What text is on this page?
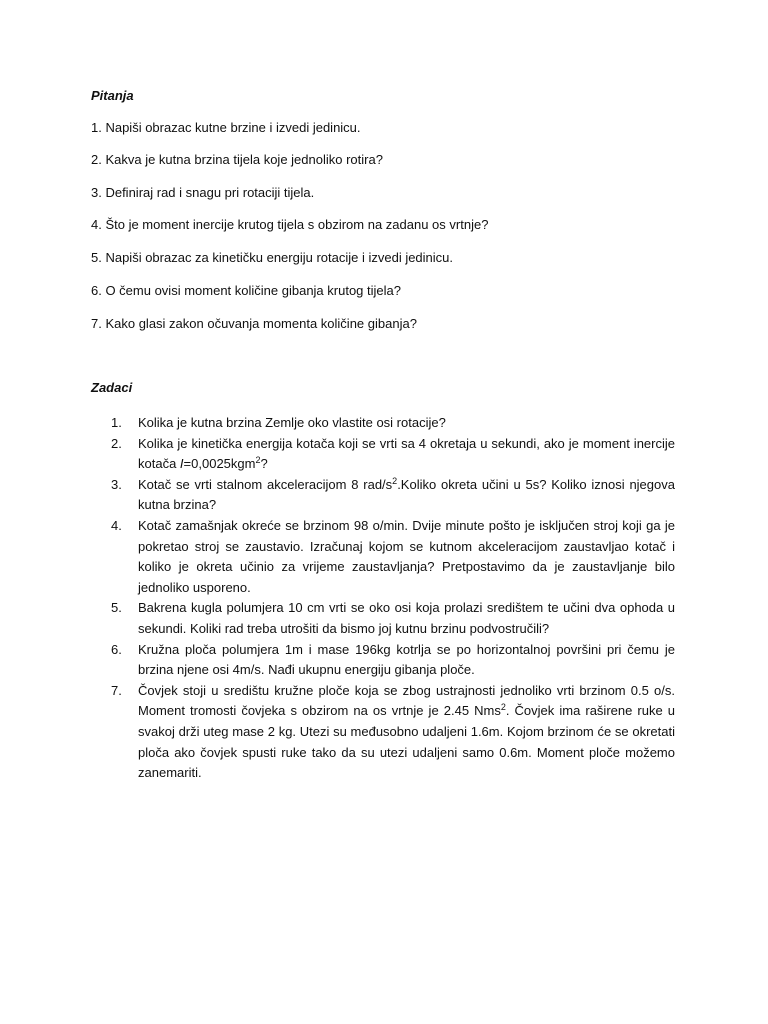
Pitanja
1. Napiši obrazac kutne brzine i izvedi jedinicu.
2. Kakva je kutna brzina tijela koje jednoliko rotira?
3. Definiraj rad i snagu pri rotaciji tijela.
4. Što je moment inercije krutog tijela s obzirom na zadanu os vrtnje?
5. Napiši obrazac za kinetičku energiju rotacije i izvedi jedinicu.
6. O čemu ovisi moment količine gibanja krutog tijela?
7. Kako glasi zakon očuvanja momenta količine gibanja?
Zadaci
1. Kolika je kutna brzina Zemlje oko vlastite osi rotacije?
2. Kolika je kinetička energija kotača koji se vrti sa 4 okretaja u sekundi, ako je moment inercije kotača I=0,0025kgm$^2$?
3. Kotač se vrti stalnom akceleracijom 8 rad/$s^2.Koliko$ okreta učini u 5s? Koliko iznosi njegova kutna brzina?
4. Kotač zamašnjak okreće se brzinom 98 o/min. Dvije minute pošto je isključen stroj koji ga je pokretao stroj se zaustavio. Izračunaj kojom se kutnom akceleracijom zaustavljao kotač i koliko je okreta učinio za vrijeme zaustavljanja? Pretpostavimo da je zaustavljanje bilo jednoliko usporeno.
5. Bakrena kugla polumjera 10 cm vrti se oko osi koja prolazi središtem te učini dva ophoda u sekundi. Koliki rad treba utrošiti da bismo joj kutnu brzinu podvostručili?
6. Kružna ploča polumjera 1m i mase 196kg kotrlja se po horizontalnoj površini pri čemu je brzina njene osi 4m/s. Nađi ukupnu energiju gibanja ploče.
7. Čovjek stoji u središtu kružne ploče koja se zbog ustrajnosti jednoliko vrti brzinom 0.5 o/s. Moment tromosti čovjeka s obzirom na os vrtnje je 2.45 Nms$^2$. Čovjek ima raširene ruke u svakoj drži uteg mase 2 kg. Utezi su međusobno udaljeni 1.6m. Kojom brzinom će se okretati ploča ako čovjek spusti ruke tako da su utezi udaljeni samo 0.6m. Moment ploče možemo zanemariti.
